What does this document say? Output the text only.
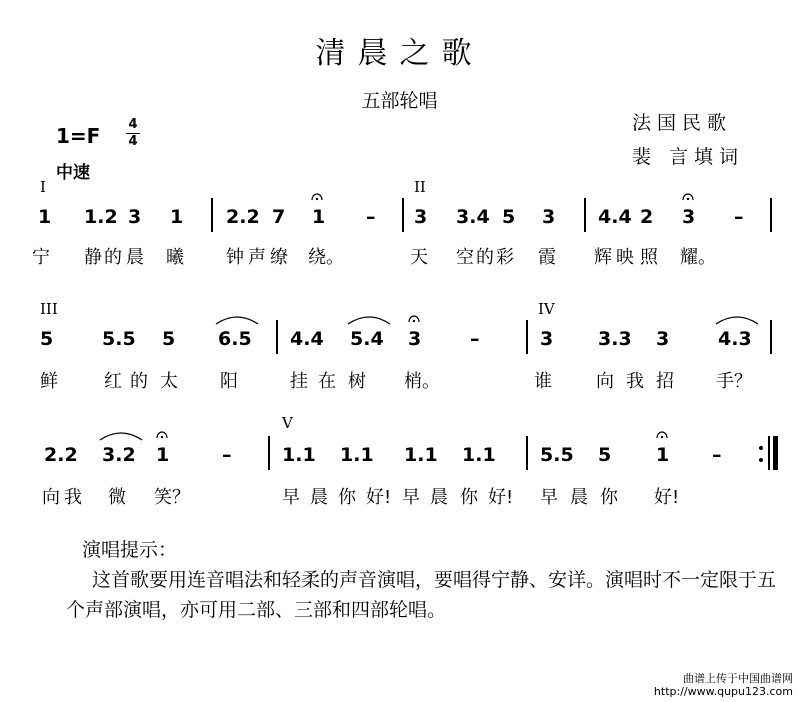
清晨之歌
五部轮唱
法国民歌
裴 言填词
1=F 4
4
中速
I	II
1 1.2 3 1 2.2 7 1 – 3 3.4 5 3 4.4 2 3 –
宁 静 的 晨 曦 钟 声 缭 绕。	天 空 的 彩 霞 辉 映 照 耀。
III	IV
5	5.5 5 6.5 4.4 5.4 3	–	3 3.3 3	4.3
鲜	红 的 太 阳	挂 在 树 梢。	谁 向 我 招 手？
V
2.2 3.2 1	–	1.1 1.1 1.1 1.1 5.5 5 1 –
向 我 微 笑？	早 晨 你 好! 早 晨 你 好! 早 晨 你 好!
演唱提示：
这首歌要用连音唱法和轻柔的声音演唱，要唱得宁静、安详。演唱时不一定限于五个声部演唱，亦可用二部、三部和四部轮唱。
曲谱上传于中国曲谱网
http://www.qupu123.com
